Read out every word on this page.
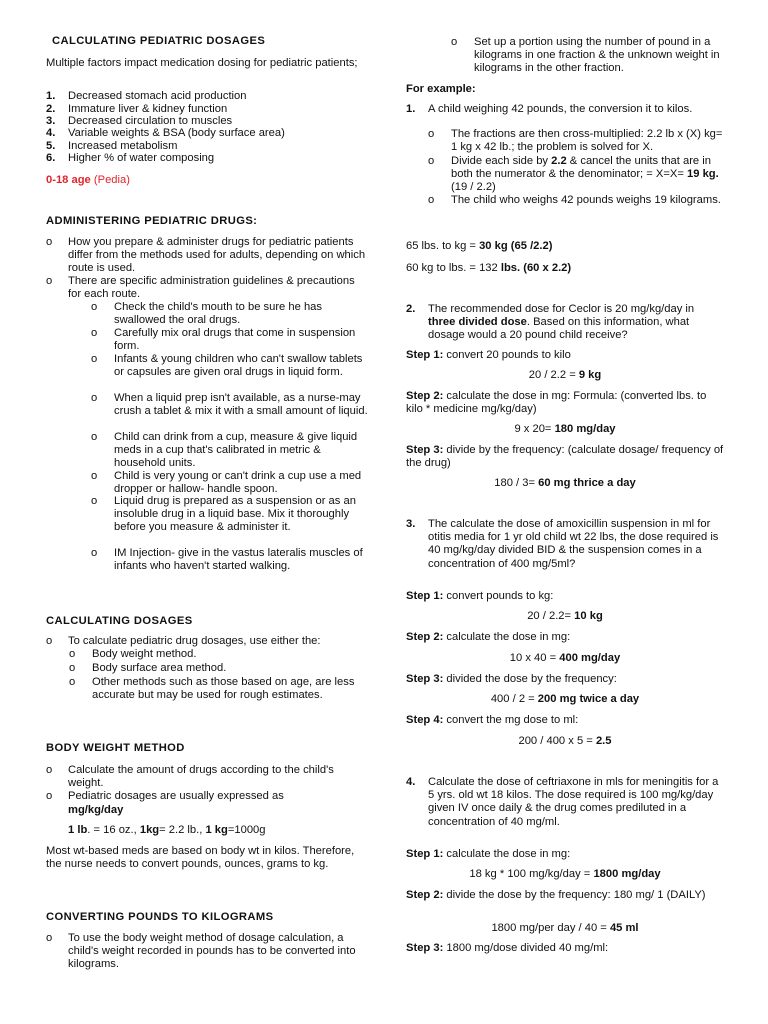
CALCULATING PEDIATRIC DOSAGES
Multiple factors impact medication dosing for pediatric patients;
1. Decreased stomach acid production
2. Immature liver & kidney function
3. Decreased circulation to muscles
4. Variable weights & BSA (body surface area)
5. Increased metabolism
6. Higher % of water composing
0-18 age (Pedia)
ADMINISTERING PEDIATRIC DRUGS:
o How you prepare & administer drugs for pediatric patients differ from the methods used for adults, depending on which route is used.
o There are specific administration guidelines & precautions for each route.
o Check the child's mouth to be sure he has swallowed the oral drugs.
o Carefully mix oral drugs that come in suspension form.
o Infants & young children who can't swallow tablets or capsules are given oral drugs in liquid form.
o When a liquid prep isn't available, as a nurse-may crush a tablet & mix it with a small amount of liquid.
o Child can drink from a cup, measure & give liquid meds in a cup that's calibrated in metric & household units.
o Child is very young or can't drink a cup use a med dropper or hallow- handle spoon.
o Liquid drug is prepared as a suspension or as an insoluble drug in a liquid base. Mix it thoroughly before you measure & administer it.
o IM Injection- give in the vastus lateralis muscles of infants who haven't started walking.
CALCULATING DOSAGES
o To calculate pediatric drug dosages, use either the:
o Body weight method.
o Body surface area method.
o Other methods such as those based on age, are less accurate but may be used for rough estimates.
BODY WEIGHT METHOD
o Calculate the amount of drugs according to the child's weight.
o Pediatric dosages are usually expressed as
mg/kg/day
1 lb. = 16 oz., 1kg= 2.2 lb., 1 kg=1000g
Most wt-based meds are based on body wt in kilos. Therefore, the nurse needs to convert pounds, ounces, grams to kg.
CONVERTING POUNDS TO KILOGRAMS
o To use the body weight method of dosage calculation, a child's weight recorded in pounds has to be converted into kilograms.
o Set up a portion using the number of pound in a kilograms in one fraction & the unknown weight in kilograms in the other fraction.
For example:
1. A child weighing 42 pounds, the conversion it to kilos.
o The fractions are then cross-multiplied: 2.2 lb x (X) kg= 1 kg x 42 lb.; the problem is solved for X.
o Divide each side by 2.2 & cancel the units that are in both the numerator & the denominator; = X=X= 19 kg. (19 / 2.2)
o The child who weighs 42 pounds weighs 19 kilograms.
65 lbs. to kg = 30 kg (65 /2.2)
60 kg to lbs. = 132 lbs. (60 x 2.2)
2. The recommended dose for Ceclor is 20 mg/kg/day in three divided dose. Based on this information, what dosage would a 20 pound child receive?
Step 1: convert 20 pounds to kilo
20 / 2.2 = 9 kg
Step 2: calculate the dose in mg: Formula: (converted lbs. to kilo * medicine mg/kg/day)
9 x 20= 180 mg/day
Step 3: divide by the frequency: (calculate dosage/ frequency of the drug)
180 / 3= 60 mg thrice a day
3. The calculate the dose of amoxicillin suspension in ml for otitis media for 1 yr old child wt 22 lbs, the dose required is 40 mg/kg/day divided BID & the suspension comes in a concentration of 400 mg/5ml?
Step 1: convert pounds to kg:
20 / 2.2= 10 kg
Step 2: calculate the dose in mg:
10 x 40 = 400 mg/day
Step 3: divided the dose by the frequency:
400 / 2 = 200 mg twice a day
Step 4: convert the mg dose to ml:
200 / 400 x 5 = 2.5
4. Calculate the dose of ceftriaxone in mls for meningitis for a 5 yrs. old wt 18 kilos. The dose required is 100 mg/kg/day given IV once daily & the drug comes prediluted in a concentration of 40 mg/ml.
Step 1: calculate the dose in mg:
18 kg * 100 mg/kg/day = 1800 mg/day
Step 2: divide the dose by the frequency: 180 mg/ 1 (DAILY)
1800 mg/per day / 40 = 45 ml
Step 3: 1800 mg/dose divided 40 mg/ml:
